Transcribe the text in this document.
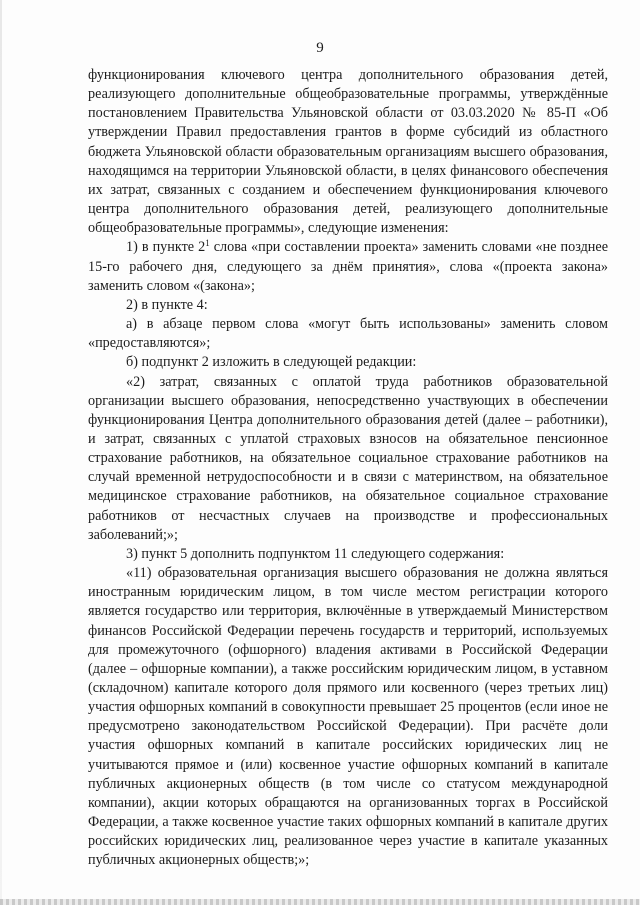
9

функционирования ключевого центра дополнительного образования детей, реализующего дополнительные общеобразовательные программы, утверждённые постановлением Правительства Ульяновской области от 03.03.2020 № 85-П «Об утверждении Правил предоставления грантов в форме субсидий из областного бюджета Ульяновской области образовательным организациям высшего образования, находящимся на территории Ульяновской области, в целях финансового обеспечения их затрат, связанных с созданием и обеспечением функционирования ключевого центра дополнительного образования детей, реализующего дополнительные общеобразовательные программы», следующие изменения:

1) в пункте $2^1$ слова «при составлении проекта» заменить словами «не позднее 15-го рабочего дня, следующего за днём принятия», слова «(проекта закона» заменить словом «(закона»;

2) в пункте 4:

а) в абзаце первом слова «могут быть использованы» заменить словом «предоставляются»;

б) подпункт 2 изложить в следующей редакции:

«2) затрат, связанных с оплатой труда работников образовательной организации высшего образования, непосредственно участвующих в обеспечении функционирования Центра дополнительного образования детей (далее – работники), и затрат, связанных с уплатой страховых взносов на обязательное пенсионное страхование работников, на обязательное социальное страхование работников на случай временной нетрудоспособности и в связи с материнством, на обязательное медицинское страхование работников, на обязательное социальное страхование работников от несчастных случаев на производстве и профессиональных заболеваний;»;

3) пункт 5 дополнить подпунктом 11 следующего содержания:

«11) образовательная организация высшего образования не должна являться иностранным юридическим лицом, в том числе местом регистрации которого является государство или территория, включённые в утверждаемый Министерством финансов Российской Федерации перечень государств и территорий, используемых для промежуточного (офшорного) владения активами в Российской Федерации (далее – офшорные компании), а также российским юридическим лицом, в уставном (складочном) капитале которого доля прямого или косвенного (через третьих лиц) участия офшорных компаний в совокупности превышает 25 процентов (если иное не предусмотрено законодательством Российской Федерации). При расчёте доли участия офшорных компаний в капитале российских юридических лиц не учитываются прямое и (или) косвенное участие офшорных компаний в капитале публичных акционерных обществ (в том числе со статусом международной компании), акции которых обращаются на организованных торгах в Российской Федерации, а также косвенное участие таких офшорных компаний в капитале других российских юридических лиц, реализованное через участие в капитале указанных публичных акционерных обществ;»;
